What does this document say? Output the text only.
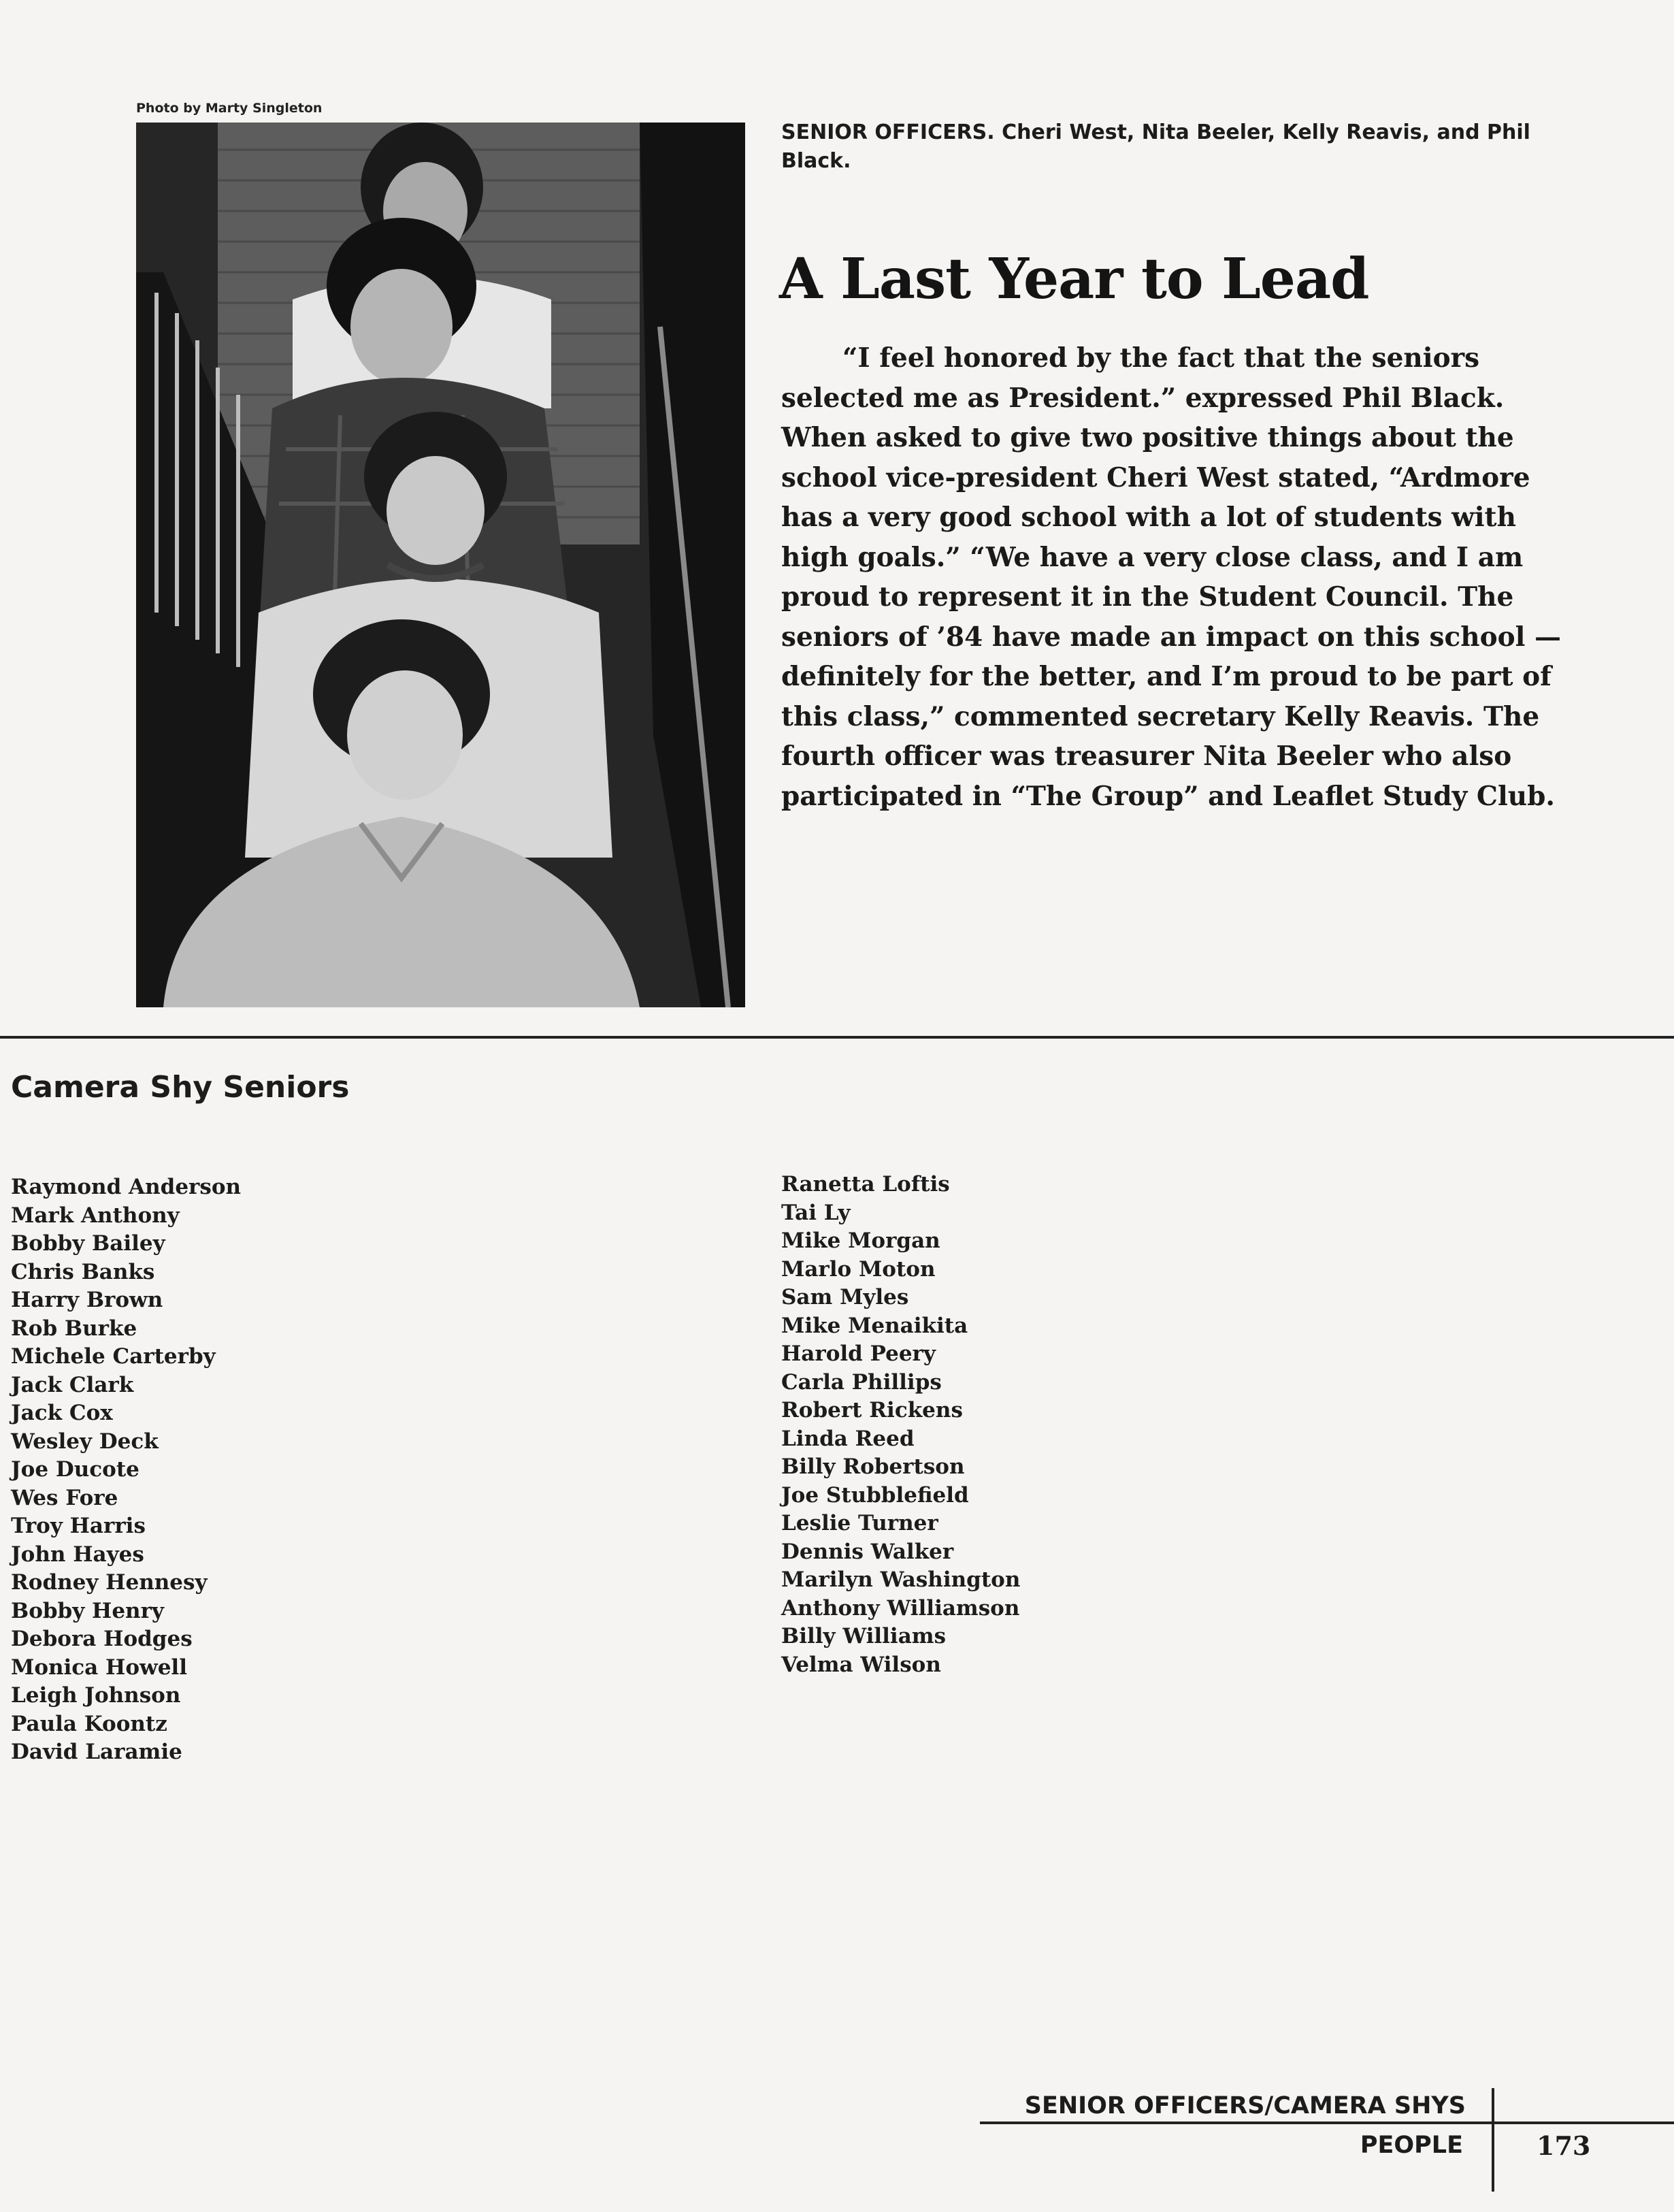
Photo by Marty Singleton
SENIOR OFFICERS. Cheri West, Nita Beeler, Kelly Reavis, and Phil Black.
A Last Year to Lead

“I feel honored by the fact that the seniors selected me as President.” expressed Phil Black. When asked to give two positive things about the school vice-president Cheri West stated, “Ardmore has a very good school with a lot of students with high goals.” “We have a very close class, and I am proud to represent it in the Student Council. The seniors of ’84 have made an impact on this school — definitely for the better, and I’m proud to be part of this class,” commented secretary Kelly Reavis. The fourth officer was treasurer Nita Beeler who also participated in “The Group” and Leaflet Study Club.

Camera Shy Seniors
Raymond Anderson
Mark Anthony
Bobby Bailey
Chris Banks
Harry Brown
Rob Burke
Michele Carterby
Jack Clark
Jack Cox
Wesley Deck
Joe Ducote
Wes Fore
Troy Harris
John Hayes
Rodney Hennesy
Bobby Henry
Debora Hodges
Monica Howell
Leigh Johnson
Paula Koontz
David Laramie
Ranetta Loftis
Tai Ly
Mike Morgan
Marlo Moton
Sam Myles
Mike Menaikita
Harold Peery
Carla Phillips
Robert Rickens
Linda Reed
Billy Robertson
Joe Stubblefield
Leslie Turner
Dennis Walker
Marilyn Washington
Anthony Williamson
Billy Williams
Velma Wilson
SENIOR OFFICERS/CAMERA SHYS
PEOPLE	173
